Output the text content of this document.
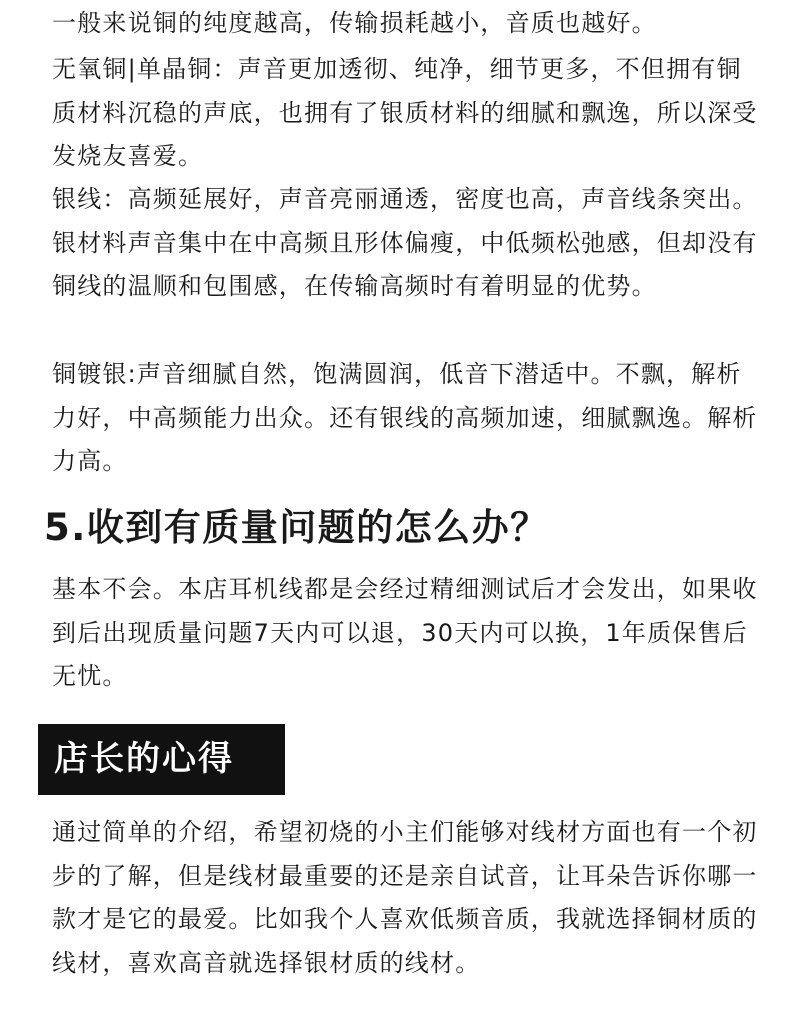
一般来说铜的纯度越高，传输损耗越小，音质也越好。

无氧铜|单晶铜：声音更加透彻、纯净，细节更多，不但拥有铜质材料沉稳的声底，也拥有了银质材料的细腻和飘逸，所以深受发烧友喜爱。

银线：高频延展好，声音亮丽通透，密度也高，声音线条突出。银材料声音集中在中高频且形体偏瘦，中低频松弛感，但却没有铜线的温顺和包围感，在传输高频时有着明显的优势。

铜镀银:声音细腻自然，饱满圆润，低音下潜适中。不飘，解析力好，中高频能力出众。还有银线的高频加速，细腻飘逸。解析力高。

5.收到有质量问题的怎么办？

基本不会。本店耳机线都是会经过精细测试后才会发出，如果收到后出现质量问题7天内可以退，30天内可以换，1年质保售后无忧。

店长的心得

通过简单的介绍，希望初烧的小主们能够对线材方面也有一个初步的了解，但是线材最重要的还是亲自试音，让耳朵告诉你哪一款才是它的最爱。比如我个人喜欢低频音质，我就选择铜材质的线材，喜欢高音就选择银材质的线材。
